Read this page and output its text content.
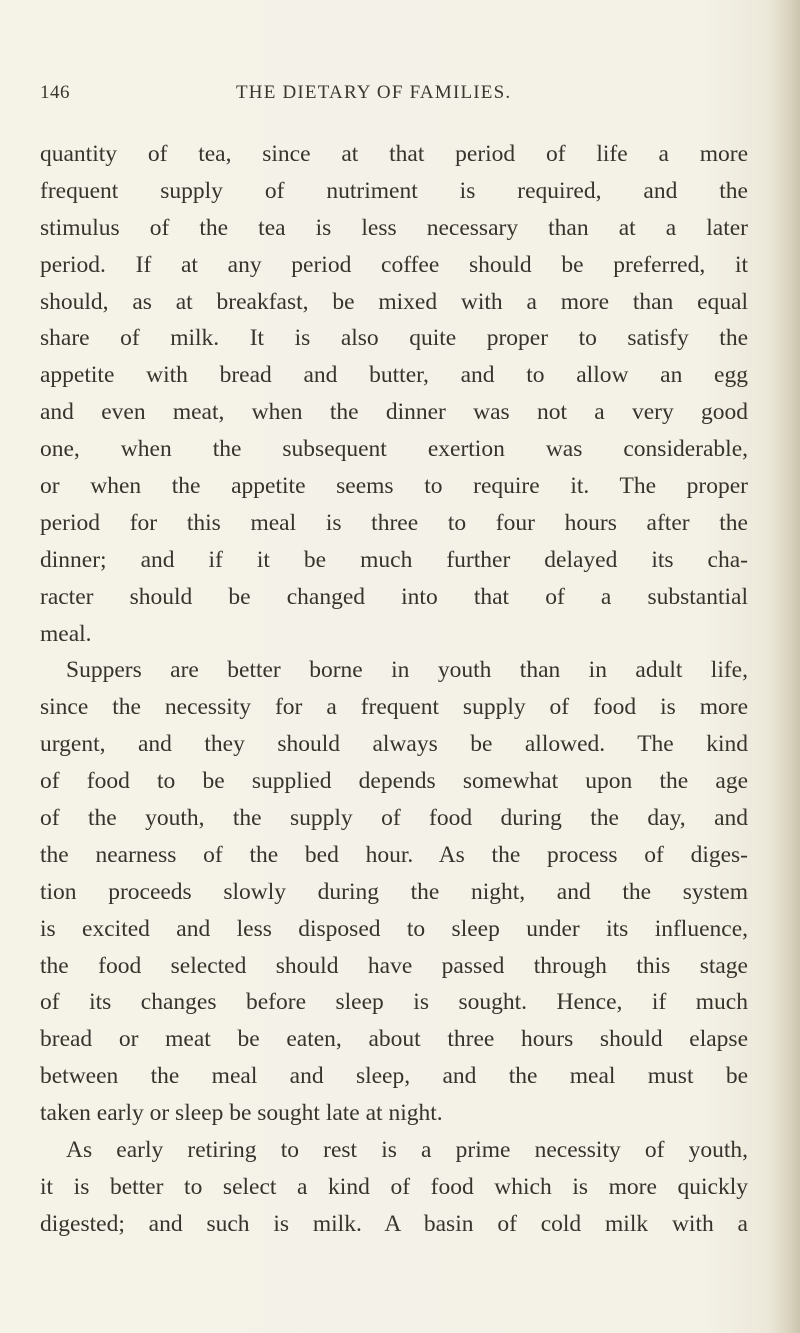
146	THE DIETARY OF FAMILIES.
quantity of tea, since at that period of life a more
frequent supply of nutriment is required, and the
stimulus of the tea is less necessary than at a later
period. If at any period coffee should be preferred, it
should, as at breakfast, be mixed with a more than equal
share of milk. It is also quite proper to satisfy the
appetite with bread and butter, and to allow an egg
and even meat, when the dinner was not a very good
one, when the subsequent exertion was considerable,
or when the appetite seems to require it. The proper
period for this meal is three to four hours after the
dinner; and if it be much further delayed its cha-
racter should be changed into that of a substantial
meal.
Suppers are better borne in youth than in adult life,
since the necessity for a frequent supply of food is more
urgent, and they should always be allowed. The kind
of food to be supplied depends somewhat upon the age
of the youth, the supply of food during the day, and
the nearness of the bed hour. As the process of diges-
tion proceeds slowly during the night, and the system
is excited and less disposed to sleep under its influence,
the food selected should have passed through this stage
of its changes before sleep is sought. Hence, if much
bread or meat be eaten, about three hours should elapse
between the meal and sleep, and the meal must be
taken early or sleep be sought late at night.
As early retiring to rest is a prime necessity of youth,
it is better to select a kind of food which is more quickly
digested; and such is milk. A basin of cold milk with a
